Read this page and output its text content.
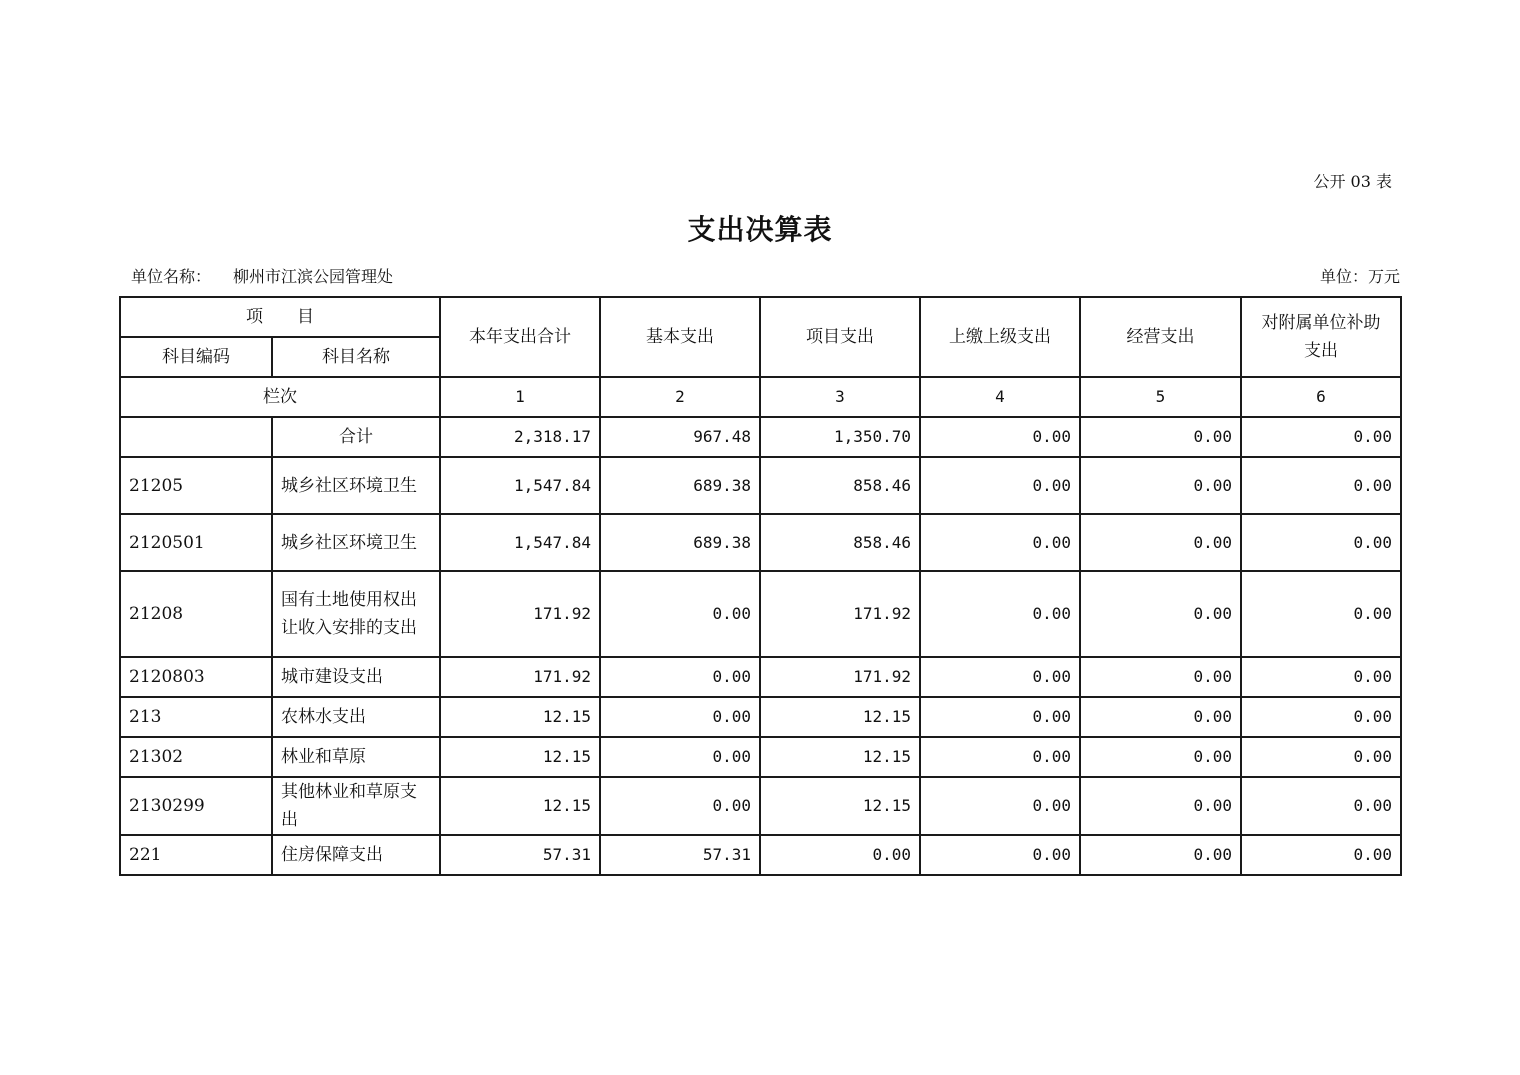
公开 03 表
支出决算表
单位名称： 柳州市江滨公园管理处	单位：万元
项　　目		本年支出合计	基本支出	项目支出	上缴上级支出	经营支出	对附属单位补助支出
科目编码	科目名称						
栏次		1	2	3	4	5	6
	合计	2,318.17	967.48	1,350.70	0.00	0.00	0.00
21205	城乡社区环境卫生	1,547.84	689.38	858.46	0.00	0.00	0.00
2120501	城乡社区环境卫生	1,547.84	689.38	858.46	0.00	0.00	0.00
21208	国有土地使用权出让收入安排的支出	171.92	0.00	171.92	0.00	0.00	0.00
2120803	城市建设支出	171.92	0.00	171.92	0.00	0.00	0.00
213	农林水支出	12.15	0.00	12.15	0.00	0.00	0.00
21302	林业和草原	12.15	0.00	12.15	0.00	0.00	0.00
2130299	其他林业和草原支出	12.15	0.00	12.15	0.00	0.00	0.00
221	住房保障支出	57.31	57.31	0.00	0.00	0.00	0.00
